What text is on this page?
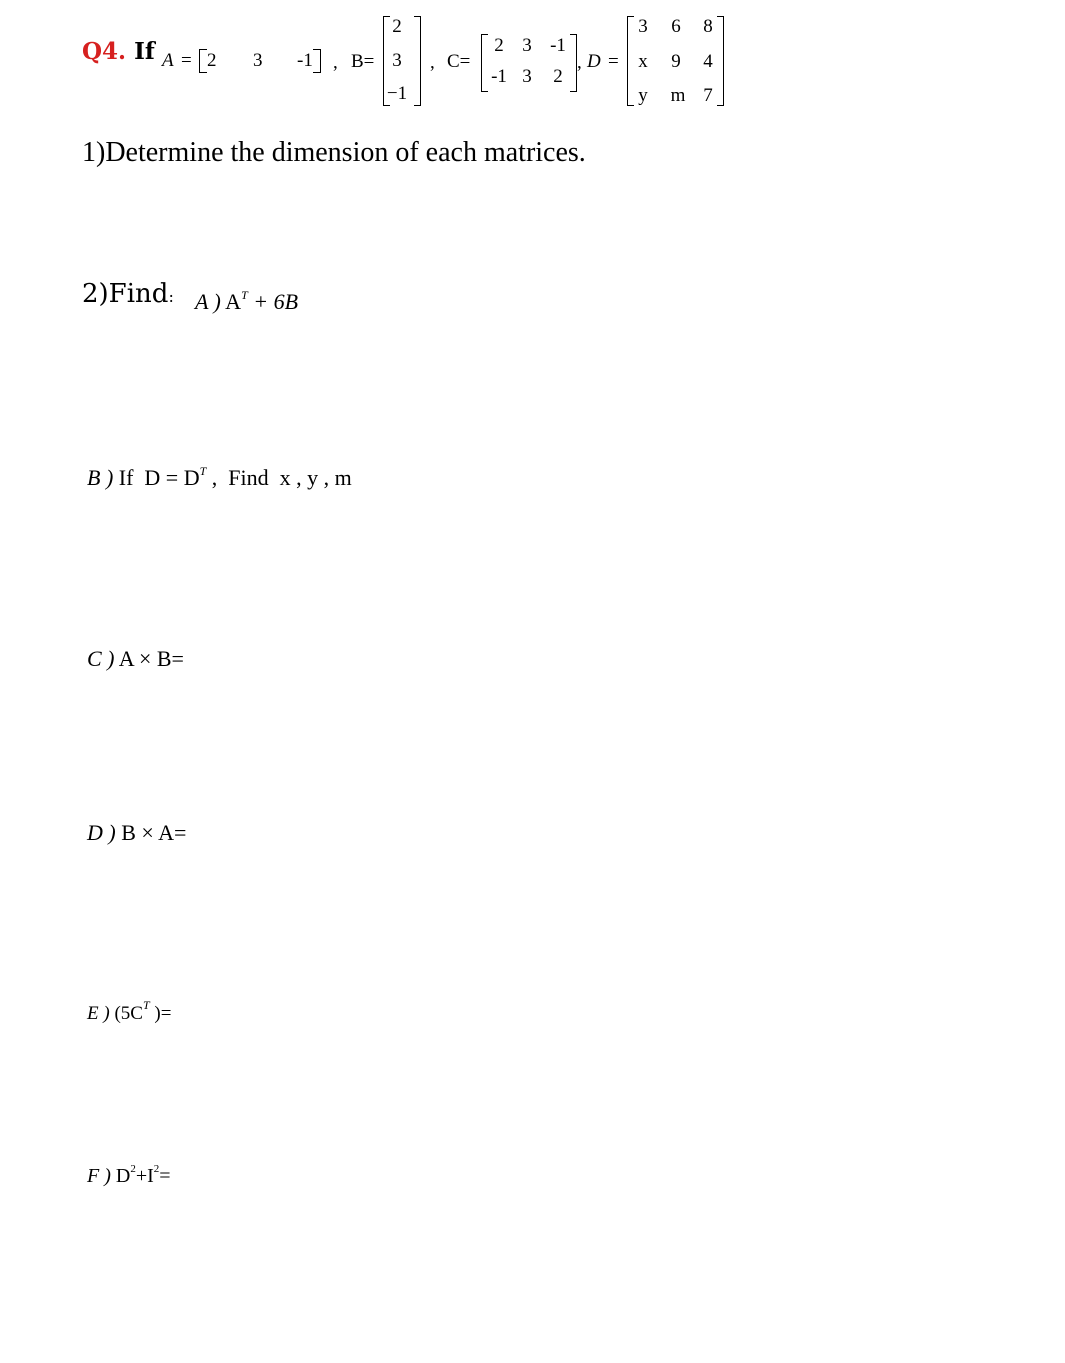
Q4. If A = 2 3 -1 , B=
2
3
−1
, C=
2 3 -1
-1 3	2
, D =
3	6	8
x	9	4
y	m 7
1)Determine the dimension of each matrices.
2)Find: A ) $A^T + 6B$
B ) If  $D = D^T$ ,  Find  x , y , m
C ) A × B=
D ) B × A=
E ) ($5C^T$ )=
F ) $D^2+I^2=$
